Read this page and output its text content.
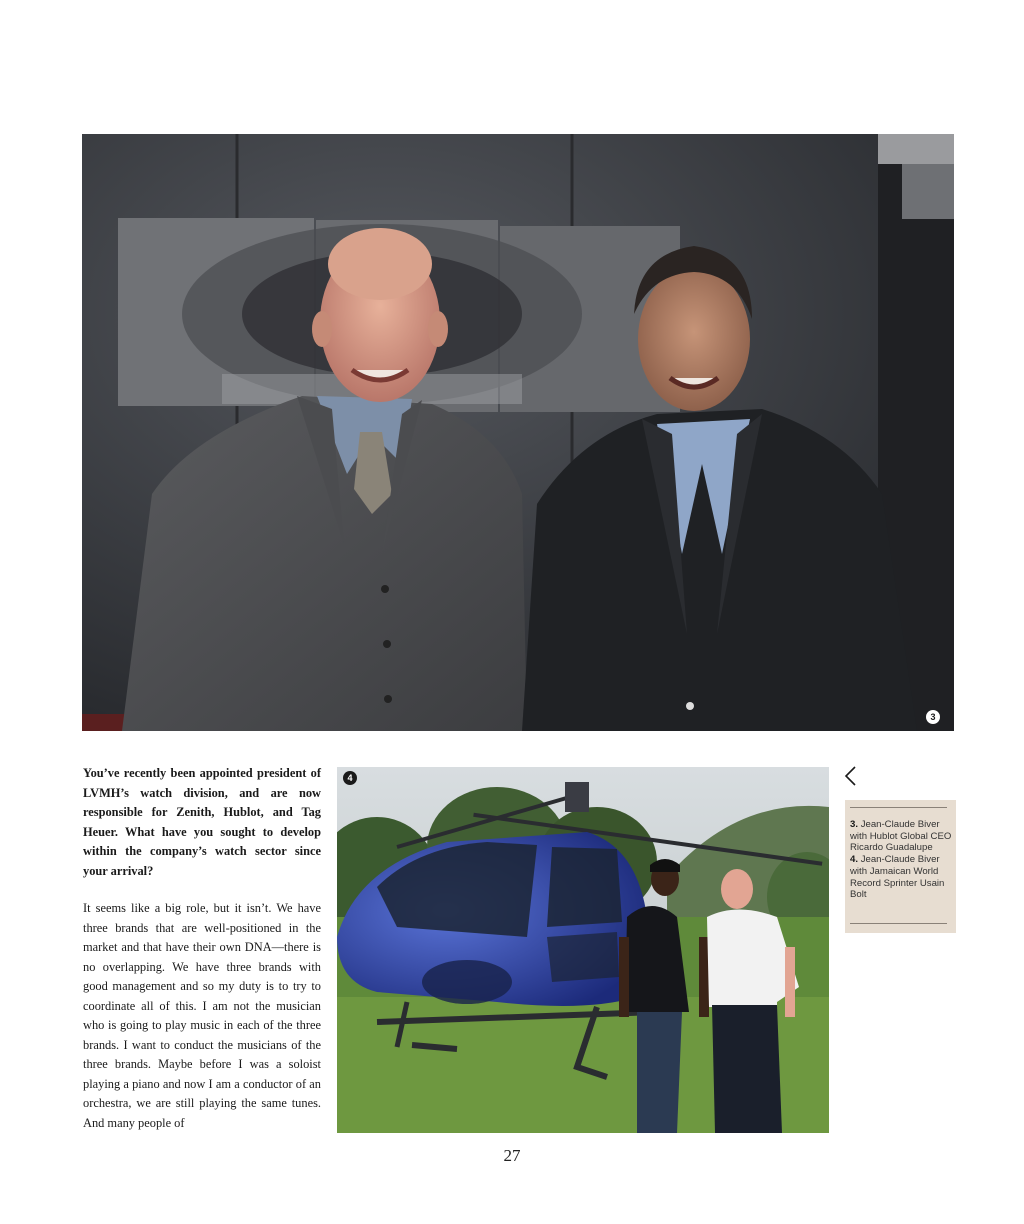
3
You’ve recently been appointed president of LVMH’s watch division, and are now responsible for Zenith, Hublot, and Tag Heuer. What have you sought to develop within the company’s watch sector since your arrival?
It seems like a big role, but it isn’t. We have three brands that are well-positioned in the market and that have their own DNA—there is no overlapping. We have three brands with good management and so my duty is to try to coordinate all of this. I am not the musician who is going to play music in each of the three brands. I want to conduct the musicians of the three brands. Maybe before I was a soloist playing a piano and now I am a conductor of an orchestra, we are still playing the same tunes. And many people of
4
3. Jean-Claude Biver with Hublot Global CEO Ricardo Guadalupe
4. Jean-Claude Biver with Jamaican World Record Sprinter Usain Bolt
27
